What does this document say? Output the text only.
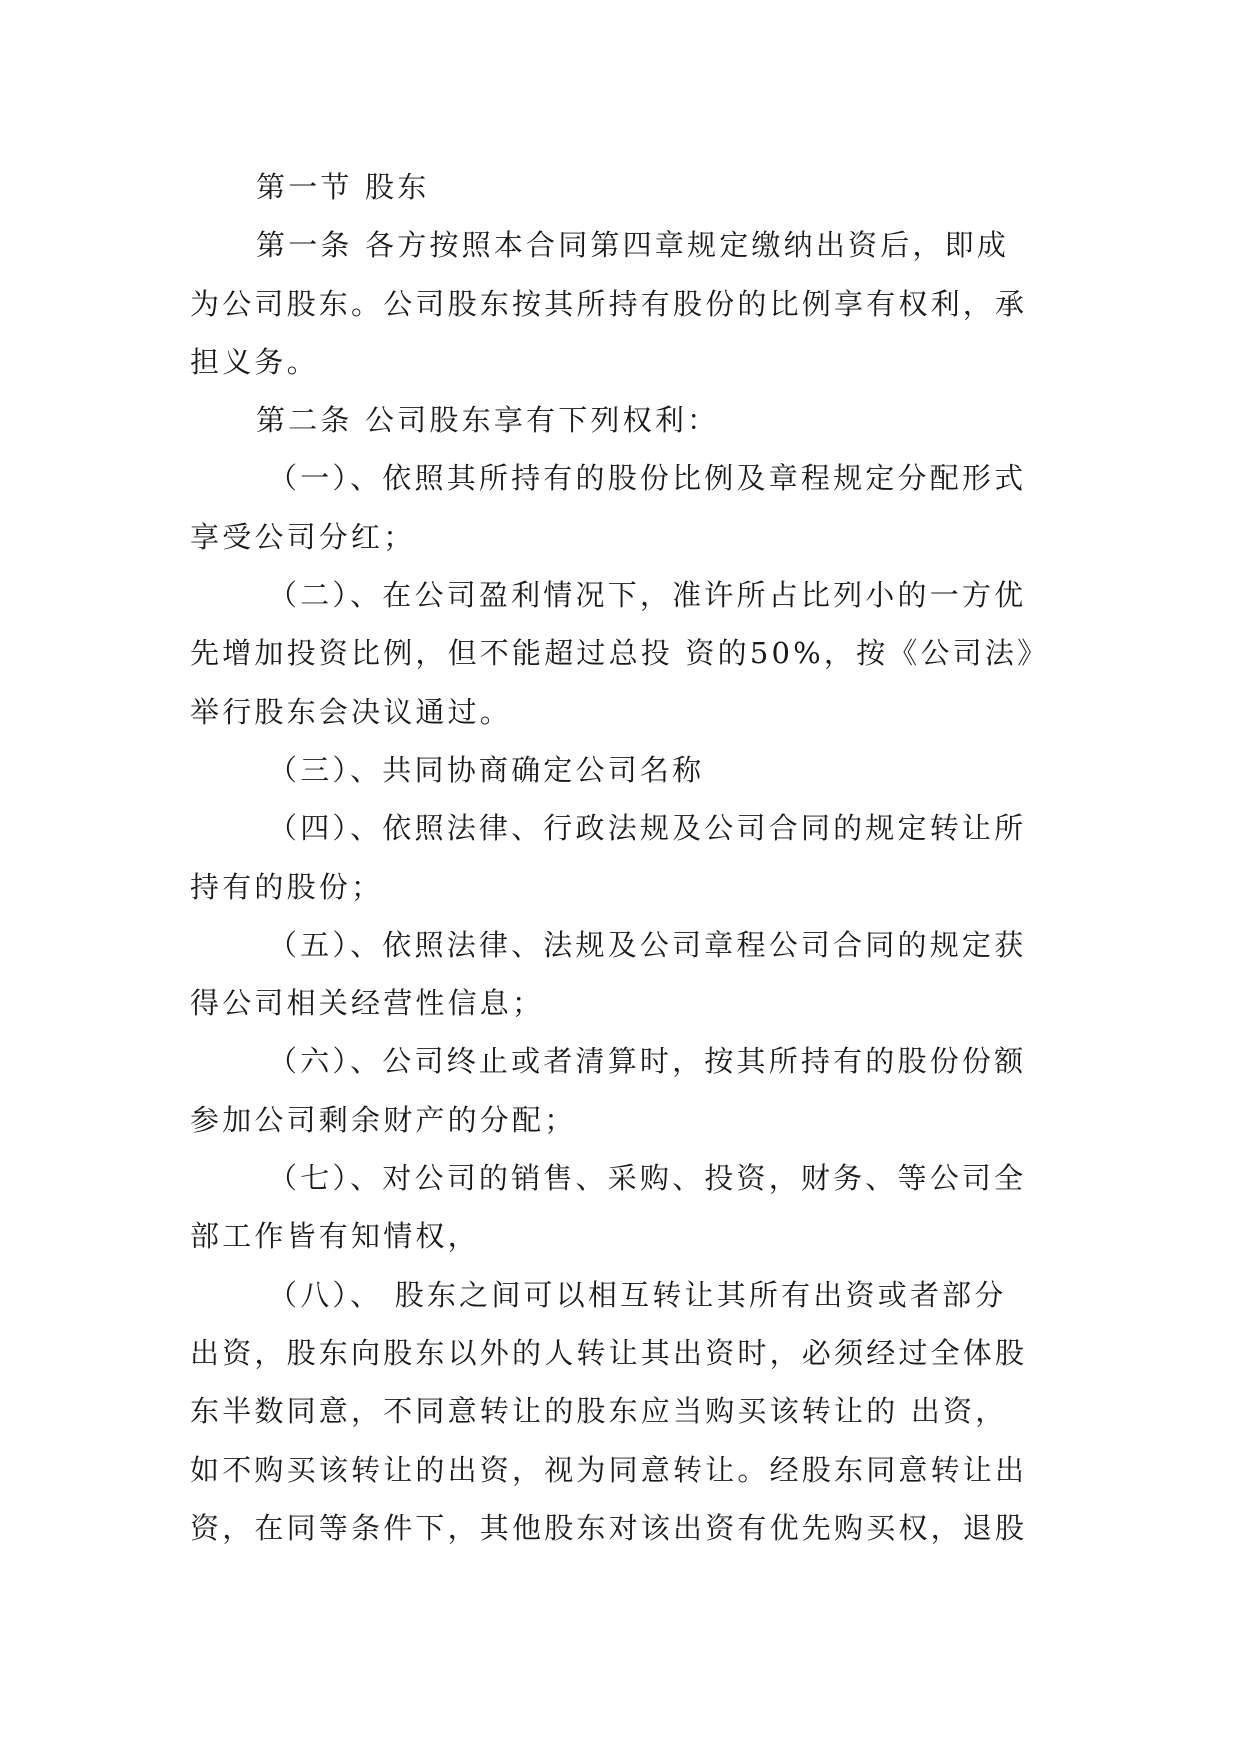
第一节 股东
第一条 各方按照本合同第四章规定缴纳出资后，即成
为公司股东。公司股东按其所持有股份的比例享有权利，承
担义务。
第二条 公司股东享有下列权利：
（一）、依照其所持有的股份比例及章程规定分配形式
享受公司分红；
（二）、在公司盈利情况下，准许所占比列小的一方优
先增加投资比例，但不能超过总投 资的50%，按《公司法》
举行股东会决议通过。
（三）、共同协商确定公司名称
（四）、依照法律、行政法规及公司合同的规定转让所
持有的股份；
（五）、依照法律、法规及公司章程公司合同的规定获
得公司相关经营性信息；
（六）、公司终止或者清算时，按其所持有的股份份额
参加公司剩余财产的分配；
（七）、对公司的销售、采购、投资，财务、等公司全
部工作皆有知情权，
（八）、 股东之间可以相互转让其所有出资或者部分
出资，股东向股东以外的人转让其出资时，必须经过全体股
东半数同意，不同意转让的股东应当购买该转让的 出资，
如不购买该转让的出资，视为同意转让。经股东同意转让出
资，在同等条件下，其他股东对该出资有优先购买权，退股
